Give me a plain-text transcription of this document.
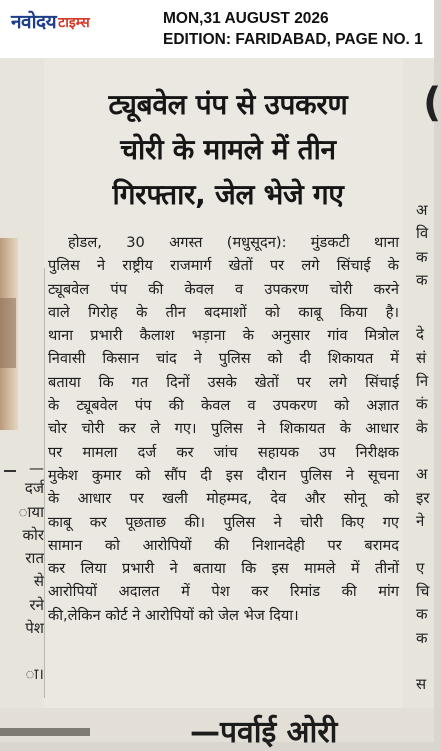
नवोदय टाइम्स	MON,31 AUGUST 2026
EDITION: FARIDABAD, PAGE NO. 1
—
दर्ज
ाया
कोर
रात
से
रने
पेश
ा।
ट्यूबवेल पंप से उपकरण
चोरी के मामले में तीन
गिरफ्तार, जेल भेजे गए
होडल, 30 अगस्त (मधुसूदन): मुंडकटी थाना
पुलिस ने राष्ट्रीय राजमार्ग खेतों पर लगे सिंचाई के
ट्यूबवेल पंप की केवल व उपकरण चोरी करने
वाले गिरोह के तीन बदमाशों को काबू किया है।
थाना प्रभारी कैलाश भड़ाना के अनुसार गांव मित्रोल
निवासी किसान चांद ने पुलिस को दी शिकायत में
बताया कि गत दिनों उसके खेतों पर लगे सिंचाई
के ट्यूबवेल पंप की केवल व उपकरण को अज्ञात
चोर चोरी कर ले गए। पुलिस ने शिकायत के आधार
पर मामला दर्ज कर जांच सहायक उप निरीक्षक
मुकेश कुमार को सौंप दी इस दौरान पुलिस ने सूचना
के आधार पर खली मोहम्मद, देव और सोनू को
काबू कर पूछताछ की। पुलिस ने चोरी किए गए
सामान को आरोपियों की निशानदेही पर बरामद
कर लिया प्रभारी ने बताया कि इस मामले में तीनों
आरोपियों अदालत में पेश कर रिमांड की मांग
की,लेकिन कोर्ट ने आरोपियों को जेल भेज दिया।
(
अ
वि
क
क
दे
सं
नि
कं
के
अ
इर
ने
ए
चि
क
क
स
—पर्वाई ओरी
